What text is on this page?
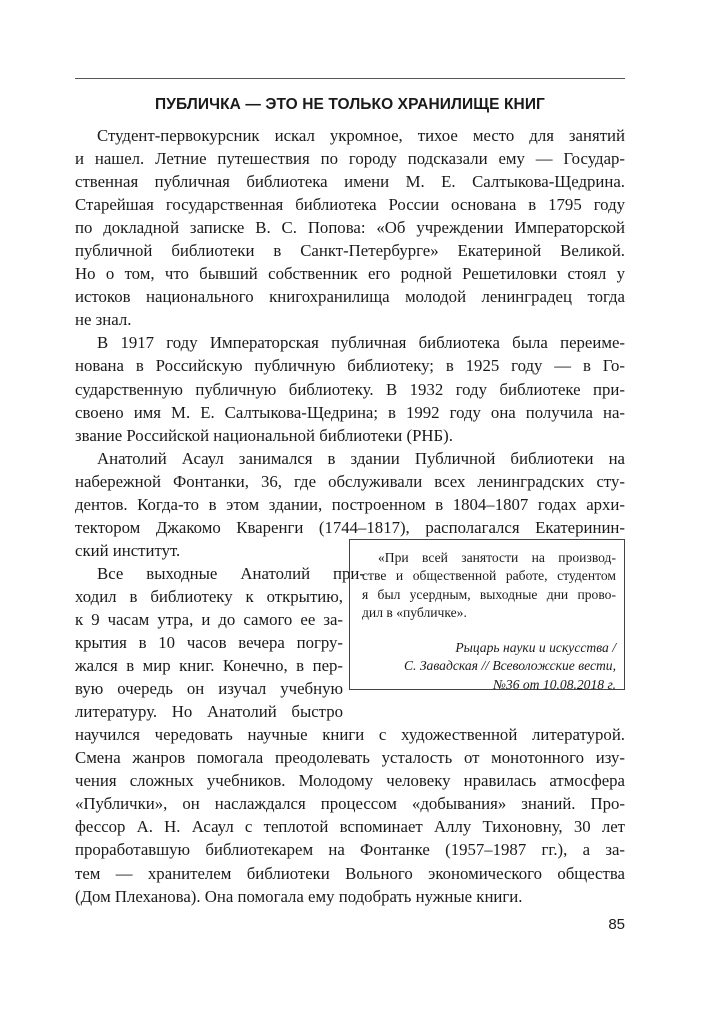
ПУБЛИЧКА — ЭТО НЕ ТОЛЬКО ХРАНИЛИЩЕ КНИГ
Студент-первокурсник искал укромное, тихое место для занятий
и нашел. Летние путешествия по городу подсказали ему — Государ-
ственная публичная библиотека имени М. Е. Салтыкова-Щедрина.
Старейшая государственная библиотека России основана в 1795 году
по докладной записке В. С. Попова: «Об учреждении Императорской
публичной библиотеки в Санкт-Петербурге» Екатериной Великой.
Но о том, что бывший собственник его родной Решетиловки стоял у
истоков национального книгохранилища молодой ленинградец тогда
не знал.
В 1917 году Императорская публичная библиотека была переиме-
нована в Российскую публичную библиотеку; в 1925 году — в Го-
сударственную публичную библиотеку. В 1932 году библиотеке при-
своено имя М. Е. Салтыкова-Щедрина; в 1992 году она получила на-
звание Российской национальной библиотеки (РНБ).
Анатолий Асаул занимался в здании Публичной библиотеки на
набережной Фонтанки, 36, где обслуживали всех ленинградских сту-
дентов. Когда-то в этом здании, построенном в 1804–1807 годах архи-
тектором Джакомо Кваренги (1744–1817), располагался Екатеринин-
ский институт.
Все выходные Анатолий при-
ходил в библиотеку к открытию,
к 9 часам утра, и до самого ее за-
крытия в 10 часов вечера погру-
жался в мир книг. Конечно, в пер-
вую очередь он изучал учебную
литературу. Но Анатолий быстро
научился чередовать научные книги с художественной литературой.
Смена жанров помогала преодолевать усталость от монотонного изу-
чения сложных учебников. Молодому человеку нравилась атмосфера
«Публички», он наслаждался процессом «добывания» знаний. Про-
фессор А. Н. Асаул с теплотой вспоминает Аллу Тихоновну, 30 лет
проработавшую библиотекарем на Фонтанке (1957–1987 гг.), а за-
тем — хранителем библиотеки Вольного экономического общества
(Дом Плеханова). Она помогала ему подобрать нужные книги.
«При всей занятости на производ-
стве и общественной работе, студентом
я был усердным, выходные дни прово-
дил в «публичке».
Рыцарь науки и искусства /
С. Завадская // Всеволожские вести,
№36 от 10.08.2018 г.
85
